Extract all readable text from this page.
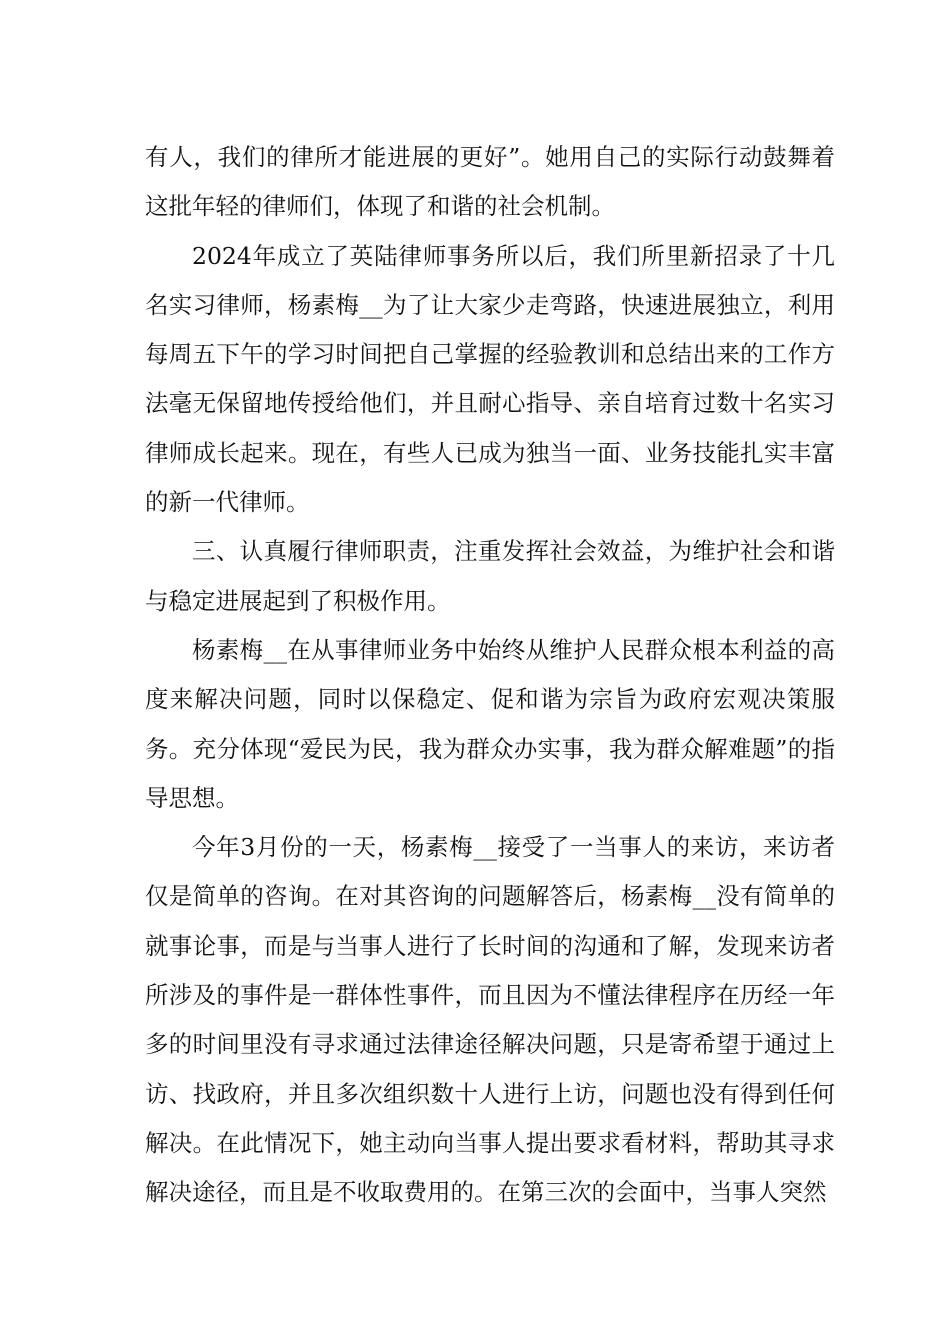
有人，我们的律所才能进展的更好”。她用自己的实际行动鼓舞着这批年轻的律师们，体现了和谐的社会机制。

2024年成立了英陆律师事务所以后，我们所里新招录了十几名实习律师，杨素梅__为了让大家少走弯路，快速进展独立，利用每周五下午的学习时间把自己掌握的经验教训和总结出来的工作方法毫无保留地传授给他们，并且耐心指导、亲自培育过数十名实习律师成长起来。现在，有些人已成为独当一面、业务技能扎实丰富的新一代律师。

三、认真履行律师职责，注重发挥社会效益，为维护社会和谐与稳定进展起到了积极作用。

杨素梅__在从事律师业务中始终从维护人民群众根本利益的高度来解决问题，同时以保稳定、促和谐为宗旨为政府宏观决策服务。充分体现“爱民为民，我为群众办实事，我为群众解难题”的指导思想。

今年3月份的一天，杨素梅__接受了一当事人的来访，来访者仅是简单的咨询。在对其咨询的问题解答后，杨素梅__没有简单的就事论事，而是与当事人进行了长时间的沟通和了解，发现来访者所涉及的事件是一群体性事件，而且因为不懂法律程序在历经一年多的时间里没有寻求通过法律途径解决问题，只是寄希望于通过上访、找政府，并且多次组织数十人进行上访，问题也没有得到任何解决。在此情况下，她主动向当事人提出要求看材料，帮助其寻求解决途径，而且是不收取费用的。在第三次的会面中，当事人突然
